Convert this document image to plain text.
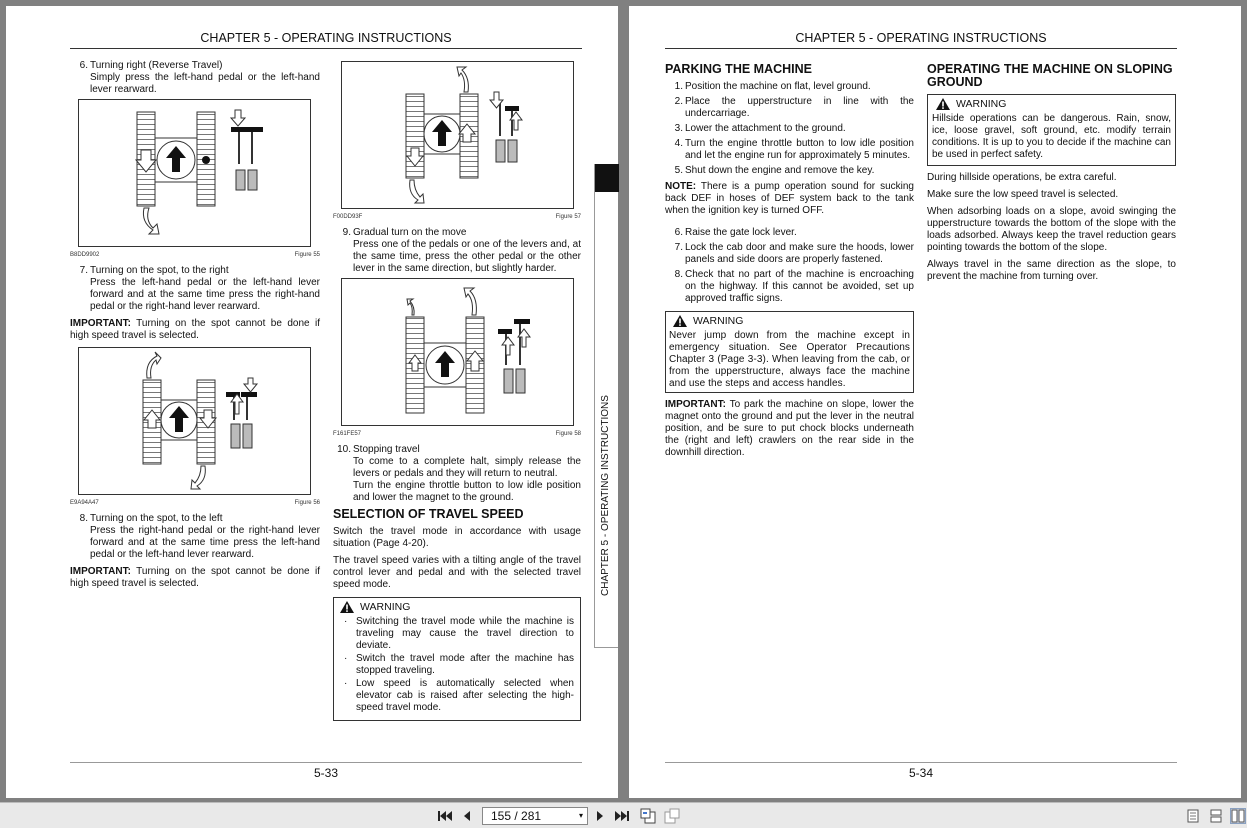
CHAPTER 5 - OPERATING INSTRUCTIONS
6. Turning right (Reverse Travel)
Simply press the left-hand pedal or the left-hand lever rearward.
B8DD9902	Figure 55
7. Turning on the spot, to the right
Press the left-hand pedal or the left-hand lever forward and at the same time press the right-hand pedal or the right-hand lever rearward.

IMPORTANT: Turning on the spot cannot be done if high speed travel is selected.

E9A94A47	Figure 56
8. Turning on the spot, to the left
Press the right-hand pedal or the right-hand lever forward and at the same time press the left-hand pedal or the left-hand lever rearward.

IMPORTANT: Turning on the spot cannot be done if high speed travel is selected.

F00DD93F	Figure 57
9. Gradual turn on the move
Press one of the pedals or one of the levers and, at the same time, press the other pedal or the other lever in the same direction, but slightly harder.
F161FE57	Figure 58
10. Stopping travel
To come to a complete halt, simply release the levers or pedals and they will return to neutral.
Turn the engine throttle button to low idle position and lower the magnet to the ground.
SELECTION OF TRAVEL SPEED

Switch the travel mode in accordance with usage situation (Page 4-20).

The travel speed varies with a tilting angle of the travel control lever and pedal and with the selected travel speed mode.

WARNING
· Switching the travel mode while the machine is traveling may cause the travel direction to deviate.
· Switch the travel mode after the machine has stopped traveling.
· Low speed is automatically selected when elevator cab is raised after selecting the high-speed travel mode.
5-33
CHAPTER 5 - OPERATING INSTRUCTIONS
CHAPTER 5 - OPERATING INSTRUCTIONS
PARKING THE MACHINE
1. Position the machine on flat, level ground.
2. Place the upperstructure in line with the undercarriage.
3. Lower the attachment to the ground.
4. Turn the engine throttle button to low idle position and let the engine run for approximately 5 minutes.
5. Shut down the engine and remove the key.

NOTE: There is a pump operation sound for sucking back DEF in hoses of DEF system back to the tank when the ignition key is turned OFF.

6. Raise the gate lock lever.
7. Lock the cab door and make sure the hoods, lower panels and side doors are properly fastened.
8. Check that no part of the machine is encroaching on the highway. If this cannot be avoided, set up approved traffic signs.
WARNING
Never jump down from the machine except in emergency situation. See Operator Precautions Chapter 3 (Page 3-3). When leaving from the cab, or from the upperstructure, always face the machine and use the steps and access handles.

IMPORTANT: To park the machine on slope, lower the magnet onto the ground and put the lever in the neutral position, and be sure to put chock blocks underneath the (right and left) crawlers on the rear side in the downhill direction.

OPERATING THE MACHINE ON SLOPING GROUND
WARNING
Hillside operations can be dangerous. Rain, snow, ice, loose gravel, soft ground, etc. modify terrain conditions. It is up to you to decide if the machine can be used in perfect safety.

During hillside operations, be extra careful.

Make sure the low speed travel is selected.

When adsorbing loads on a slope, avoid swinging the upperstructure towards the bottom of the slope with the loads adsorbed. Always keep the travel reduction gears pointing towards the bottom of the slope.

Always travel in the same direction as the slope, to prevent the machine from turning over.

5-34
155 / 281	▾
